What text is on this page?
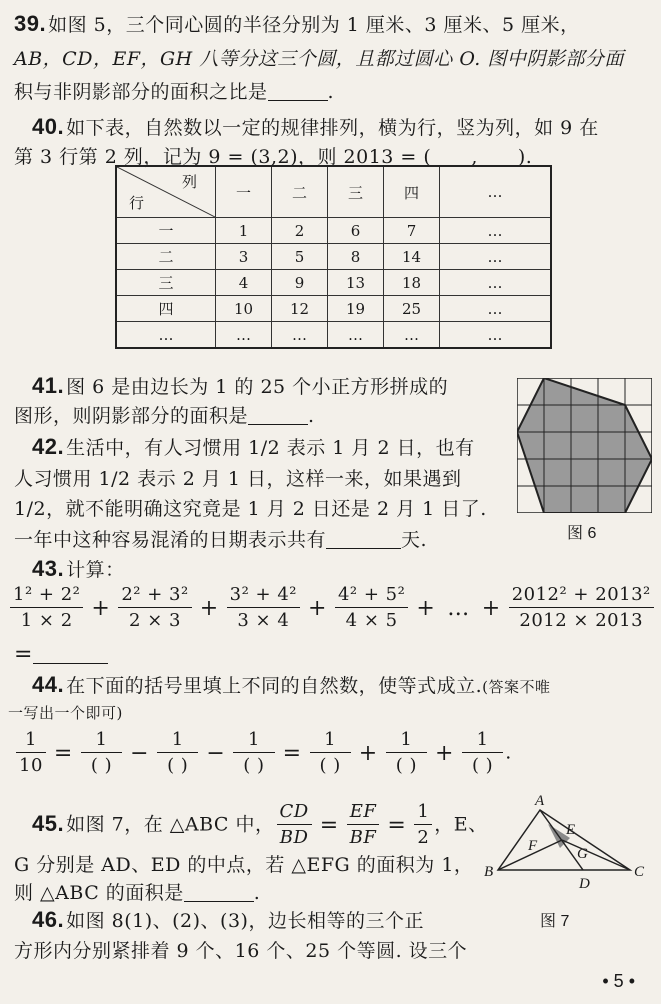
39. 如图 5，三个同心圆的半径分别为 1 厘米、3 厘米、5 厘米，
AB，CD，EF，GH 八等分这三个圆，且都过圆心 O. 图中阴影部分面
积与非阴影部分的面积之比是	.
40. 如下表，自然数以一定的规律排列，横为行，竖为列，如 9 在
第 3 行第 2 列，记为 9 = (3,2)，则 2013 = ( , ).
列
行	一	二	三	四	…
一	1	2	6	7	…
二	3	5	8	14	…
三	4	9	13	18	…
四	10	12	19	25	…
…	…	…	…	…	…
41. 图 6 是由边长为 1 的 25 个小正方形拼成的
图形，则阴影部分的面积是	.
图 6
42. 生活中，有人习惯用 1/2 表示 1 月 2 日，也有
人习惯用 1/2 表示 2 月 1 日，这样一来，如果遇到
1/2，就不能明确这究竟是 1 月 2 日还是 2 月 1 日了.
一年中这种容易混淆的日期表示共有	天.
43. 计算：
$\frac{\text{1² + 2²}}{1 \times 2} + \frac{\text{2² + 3²}}{2 \times 3} + \frac{\text{3² + 4²}}{3 \times 4} + \frac{\text{4² + 5²}}{4 \times 5}$ + … + $\frac{\text{2012² + 2013²}}{2012 \times 2013}$
=
44. 在下面的括号里填上不同的自然数，使等式成立.(答案不唯
一写出一个即可)
$\frac{1}{10} = \frac{1}{( )} - \frac{1}{( )} - \frac{1}{( )} = \frac{1}{( )} + \frac{1}{( )} + \frac{1}{( )}$ .
45. 如图 7，在 △ABC 中， $\frac{CD}{BD} = \frac{EF}{BF} = \frac{1}{2}$ ，E、
G 分别是 AD、ED 的中点，若 △EFG 的面积为 1，
则 △ABC 的面积是	.
A
B	C
D
E
F	G
图 7
46. 如图 8(1)、(2)、(3)，边长相等的三个正
方形内分别紧排着 9 个、16 个、25 个等圆. 设三个
• 5 •
